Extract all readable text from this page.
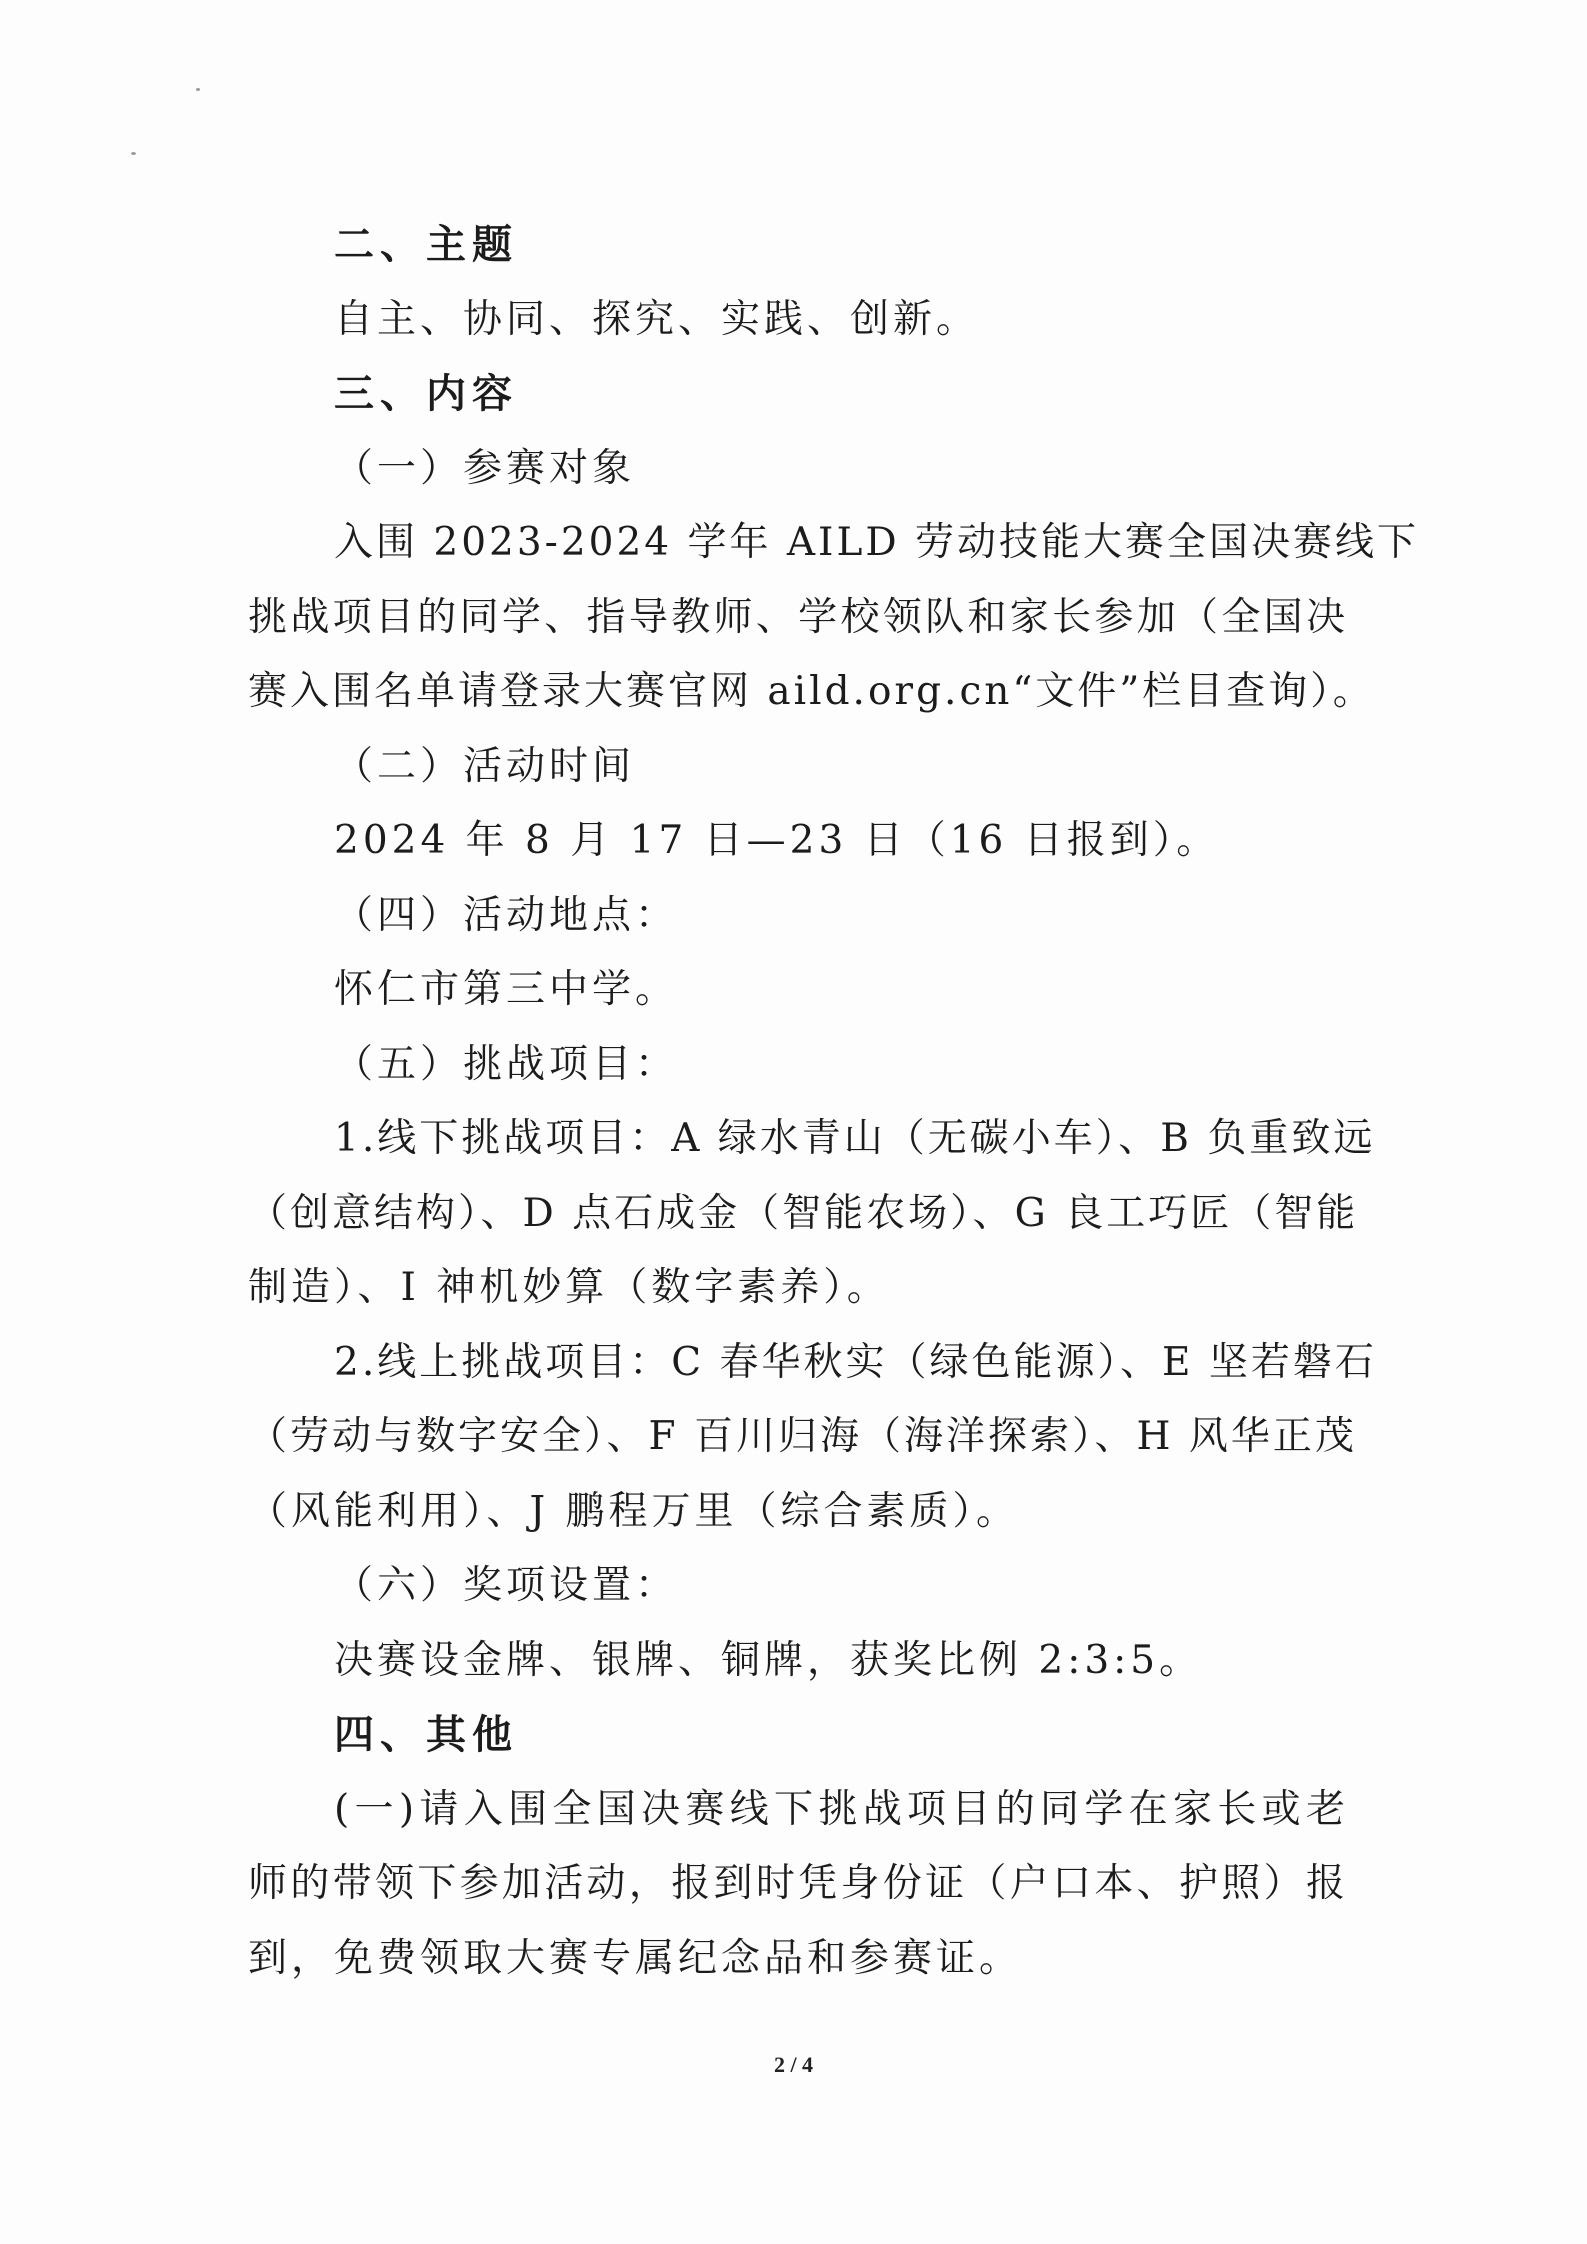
二、主题
自主、协同、探究、实践、创新。
三、内容
（一）参赛对象
入围 2023-2024 学年 AILD 劳动技能大赛全国决赛线下
挑战项目的同学、指导教师、学校领队和家长参加（全国决
赛入围名单请登录大赛官网 aild.org.cn“文件”栏目查询）。
（二）活动时间
2024 年 8 月 17 日—23 日（16 日报到）。
（四）活动地点：
怀仁市第三中学。
（五）挑战项目：
1.线下挑战项目：A 绿水青山（无碳小车）、B 负重致远
（创意结构）、D 点石成金（智能农场）、G 良工巧匠（智能
制造）、I 神机妙算（数字素养）。
2.线上挑战项目：C 春华秋实（绿色能源）、E 坚若磐石
（劳动与数字安全）、F 百川归海（海洋探索）、H 风华正茂
（风能利用）、J 鹏程万里（综合素质）。
（六）奖项设置：
决赛设金牌、银牌、铜牌，获奖比例 2:3:5。
四、其他
(一)请入围全国决赛线下挑战项目的同学在家长或老
师的带领下参加活动，报到时凭身份证（户口本、护照）报
到，免费领取大赛专属纪念品和参赛证。
2 / 4
